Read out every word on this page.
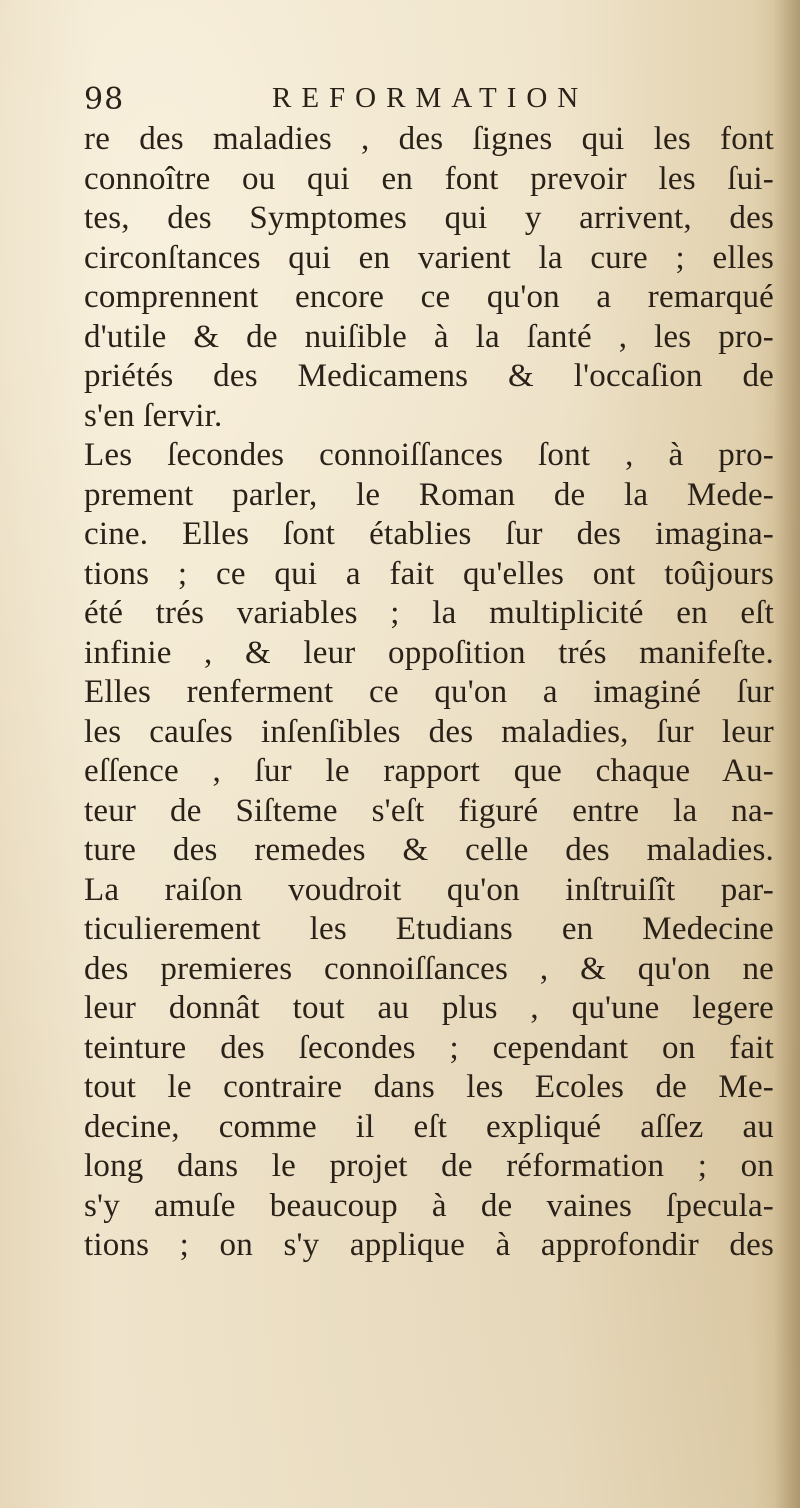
98	REFORMATION
re des maladies , des ſignes qui les font
connoître ou qui en font prevoir les ſui-
tes, des Symptomes qui y arrivent, des
circonſtances qui en varient la cure ; elles
comprennent encore ce qu'on a remarqué
d'utile & de nuiſible à la ſanté , les pro-
priétés des Medicamens & l'occaſion de
s'en ſervir.
Les ſecondes connoiſſances ſont , à pro-
prement parler, le Roman de la Mede-
cine. Elles ſont établies ſur des imagina-
tions ; ce qui a fait qu'elles ont toûjours
été trés variables ; la multiplicité en eſt
infinie , & leur oppoſition trés manifeſte.
Elles renferment ce qu'on a imaginé ſur
les cauſes inſenſibles des maladies, ſur leur
eſſence , ſur le rapport que chaque Au-
teur de Siſteme s'eſt figuré entre la na-
ture des remedes & celle des maladies.
La raiſon voudroit qu'on inſtruiſît par-
ticulierement les Etudians en Medecine
des premieres connoiſſances , & qu'on ne
leur donnât tout au plus , qu'une legere
teinture des ſecondes ; cependant on fait
tout le contraire dans les Ecoles de Me-
decine, comme il eſt expliqué aſſez au
long dans le projet de réformation ; on
s'y amuſe beaucoup à de vaines ſpecula-
tions ; on s'y applique à approfondir des
